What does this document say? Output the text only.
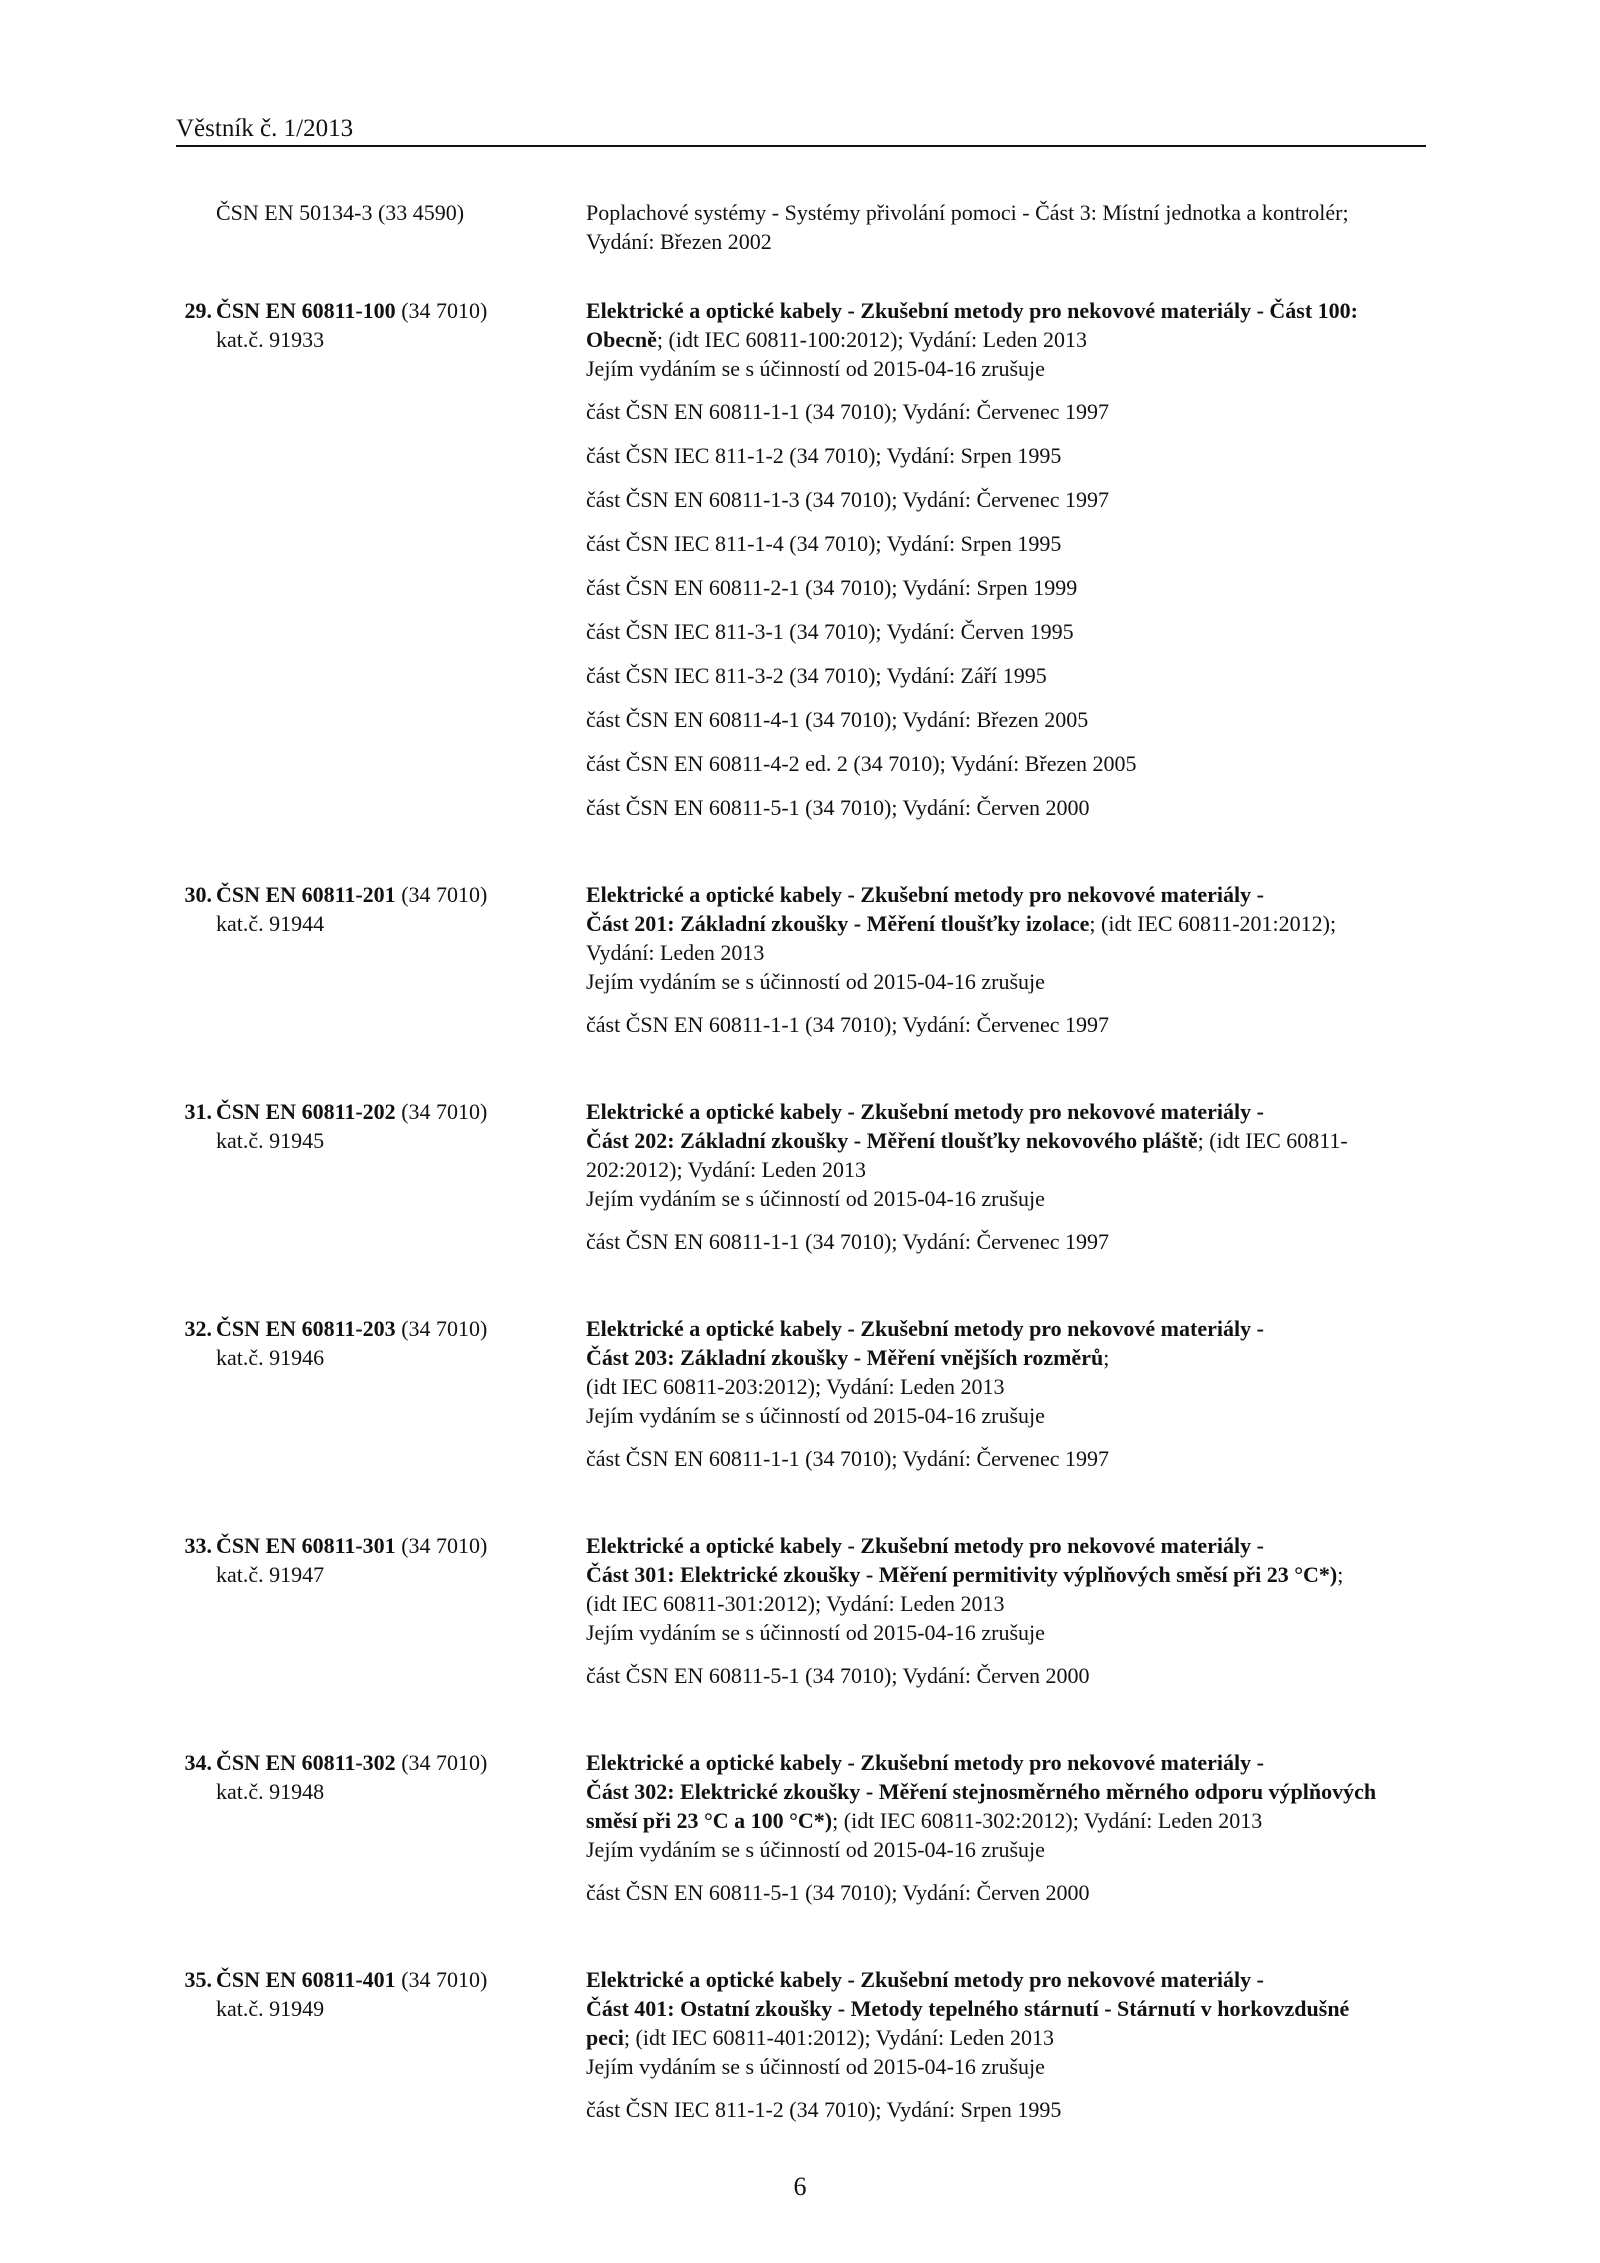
Věstník č. 1/2013
ČSN EN 50134-3 (33 4590)	Poplachové systémy - Systémy přivolání pomoci - Část 3: Místní jednotka a kontrolér;
Vydání: Březen 2002
29. ČSN EN 60811-100 (34 7010)
kat.č. 91933
Elektrické a optické kabely - Zkušební metody pro nekovové materiály - Část 100:
Obecně; (idt IEC 60811-100:2012); Vydání: Leden 2013
Jejím vydáním se s účinností od 2015-04-16 zrušuje
část ČSN EN 60811-1-1 (34 7010); Vydání: Červenec 1997
část ČSN IEC 811-1-2 (34 7010); Vydání: Srpen 1995
část ČSN EN 60811-1-3 (34 7010); Vydání: Červenec 1997
část ČSN IEC 811-1-4 (34 7010); Vydání: Srpen 1995
část ČSN EN 60811-2-1 (34 7010); Vydání: Srpen 1999
část ČSN IEC 811-3-1 (34 7010); Vydání: Červen 1995
část ČSN IEC 811-3-2 (34 7010); Vydání: Září 1995
část ČSN EN 60811-4-1 (34 7010); Vydání: Březen 2005
část ČSN EN 60811-4-2 ed. 2 (34 7010); Vydání: Březen 2005
část ČSN EN 60811-5-1 (34 7010); Vydání: Červen 2000
30. ČSN EN 60811-201 (34 7010)
kat.č. 91944
Elektrické a optické kabely - Zkušební metody pro nekovové materiály -
Část 201: Základní zkoušky - Měření tloušťky izolace; (idt IEC 60811-201:2012);
Vydání: Leden 2013
Jejím vydáním se s účinností od 2015-04-16 zrušuje
část ČSN EN 60811-1-1 (34 7010); Vydání: Červenec 1997
31. ČSN EN 60811-202 (34 7010)
kat.č. 91945
Elektrické a optické kabely - Zkušební metody pro nekovové materiály -
Část 202: Základní zkoušky - Měření tloušťky nekovového pláště; (idt IEC 60811-
202:2012); Vydání: Leden 2013
Jejím vydáním se s účinností od 2015-04-16 zrušuje
část ČSN EN 60811-1-1 (34 7010); Vydání: Červenec 1997
32. ČSN EN 60811-203 (34 7010)
kat.č. 91946
Elektrické a optické kabely - Zkušební metody pro nekovové materiály -
Část 203: Základní zkoušky - Měření vnějších rozměrů;
(idt IEC 60811-203:2012); Vydání: Leden 2013
Jejím vydáním se s účinností od 2015-04-16 zrušuje
část ČSN EN 60811-1-1 (34 7010); Vydání: Červenec 1997
33. ČSN EN 60811-301 (34 7010)
kat.č. 91947
Elektrické a optické kabely - Zkušební metody pro nekovové materiály -
Část 301: Elektrické zkoušky - Měření permitivity výplňových směsí při 23 °C*);
(idt IEC 60811-301:2012); Vydání: Leden 2013
Jejím vydáním se s účinností od 2015-04-16 zrušuje
část ČSN EN 60811-5-1 (34 7010); Vydání: Červen 2000
34. ČSN EN 60811-302 (34 7010)
kat.č. 91948
Elektrické a optické kabely - Zkušební metody pro nekovové materiály -
Část 302: Elektrické zkoušky - Měření stejnosměrného měrného odporu výplňových
směsí při 23 °C a 100 °C*); (idt IEC 60811-302:2012); Vydání: Leden 2013
Jejím vydáním se s účinností od 2015-04-16 zrušuje
část ČSN EN 60811-5-1 (34 7010); Vydání: Červen 2000
35. ČSN EN 60811-401 (34 7010)
kat.č. 91949
Elektrické a optické kabely - Zkušební metody pro nekovové materiály -
Část 401: Ostatní zkoušky - Metody tepelného stárnutí - Stárnutí v horkovzdušné
peci; (idt IEC 60811-401:2012); Vydání: Leden 2013
Jejím vydáním se s účinností od 2015-04-16 zrušuje
část ČSN IEC 811-1-2 (34 7010); Vydání: Srpen 1995
6
